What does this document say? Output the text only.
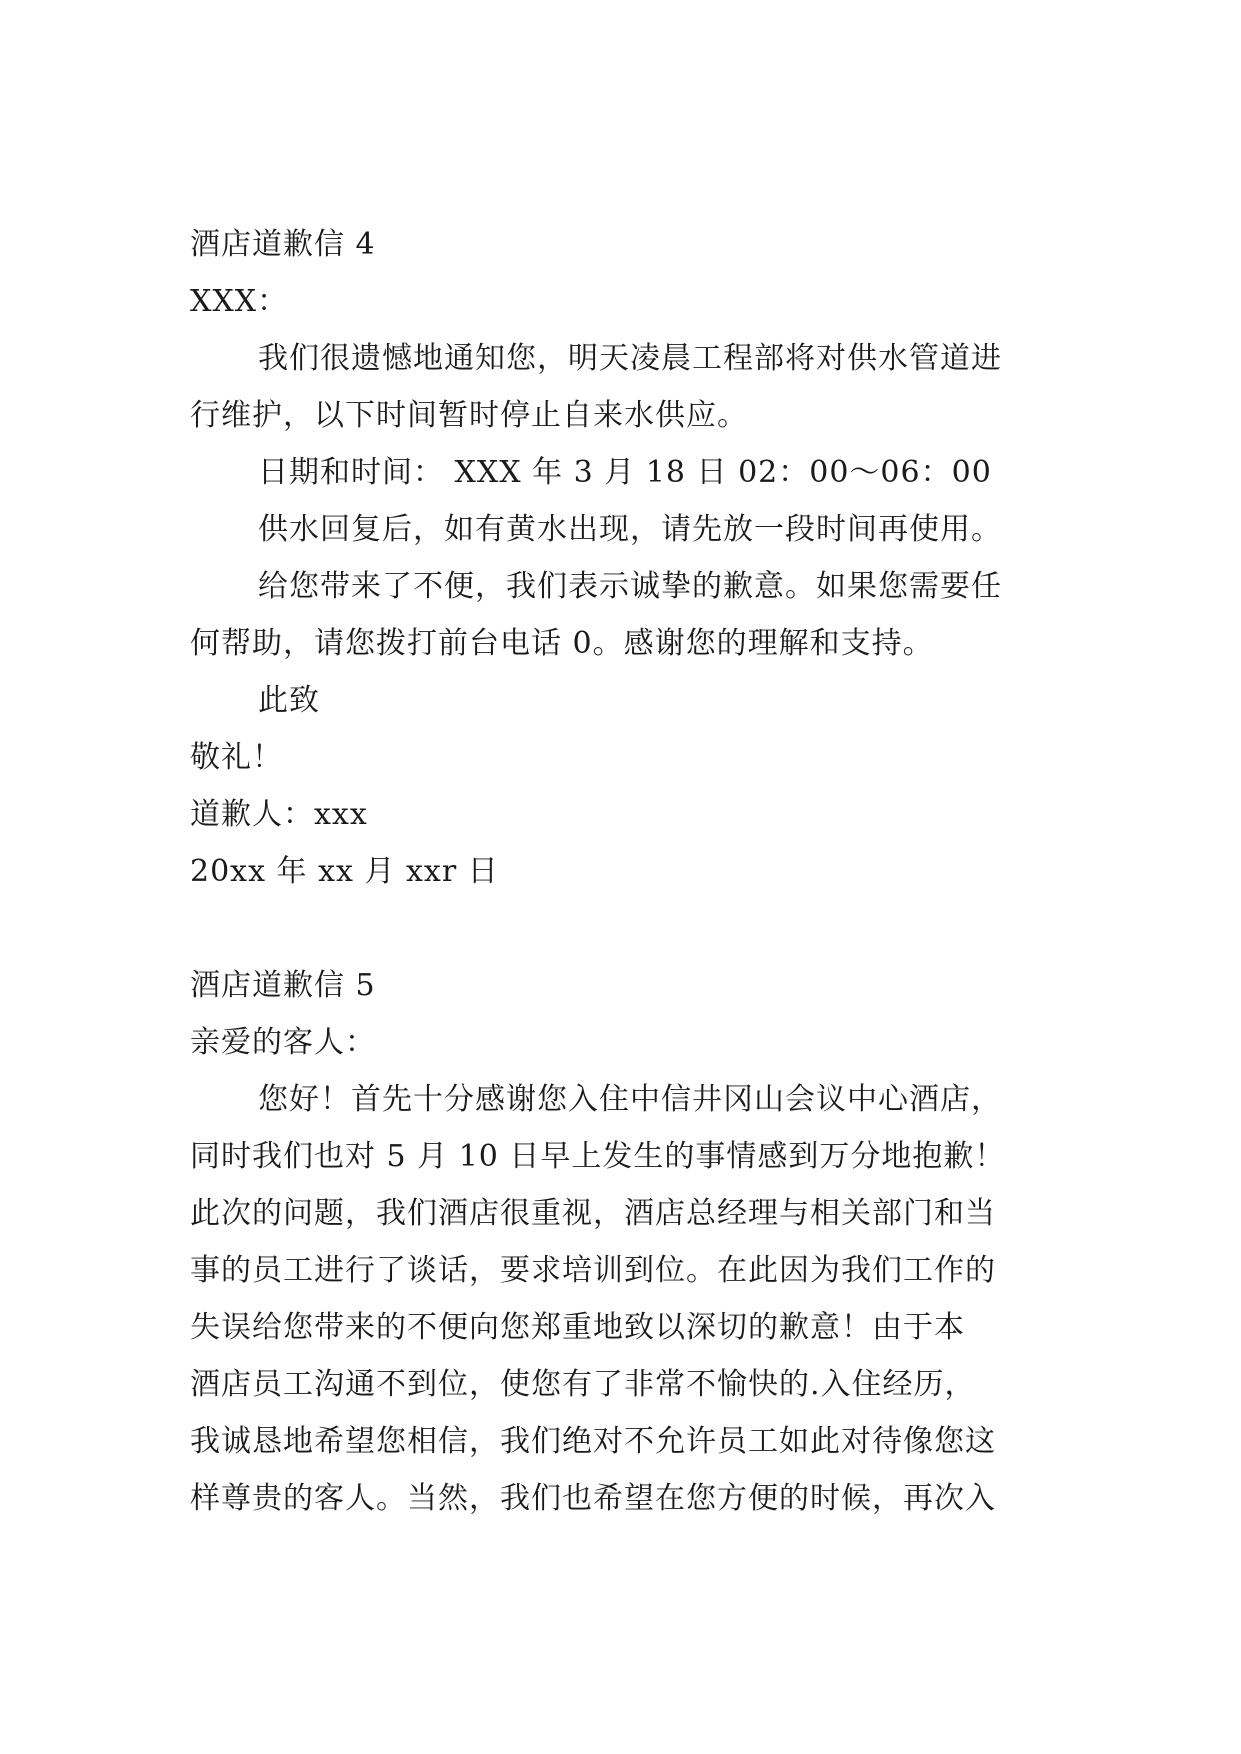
酒店道歉信 4
XXX：
我们很遗憾地通知您，明天凌晨工程部将对供水管道进
行维护，以下时间暂时停止自来水供应。
日期和时间： XXX 年 3 月 18 日 02：00～06：00
供水回复后，如有黄水出现，请先放一段时间再使用。
给您带来了不便，我们表示诚挚的歉意。如果您需要任
何帮助，请您拨打前台电话 0。感谢您的理解和支持。
此致
敬礼！
道歉人：xxx
20xx 年 xx 月 xxr 日
酒店道歉信 5
亲爱的客人：
您好！首先十分感谢您入住中信井冈山会议中心酒店，
同时我们也对 5 月 10 日早上发生的事情感到万分地抱歉！
此次的问题，我们酒店很重视，酒店总经理与相关部门和当
事的员工进行了谈话，要求培训到位。在此因为我们工作的
失误给您带来的不便向您郑重地致以深切的歉意！由于本
酒店员工沟通不到位，使您有了非常不愉快的.入住经历，
我诚恳地希望您相信，我们绝对不允许员工如此对待像您这
样尊贵的客人。当然，我们也希望在您方便的时候，再次入
